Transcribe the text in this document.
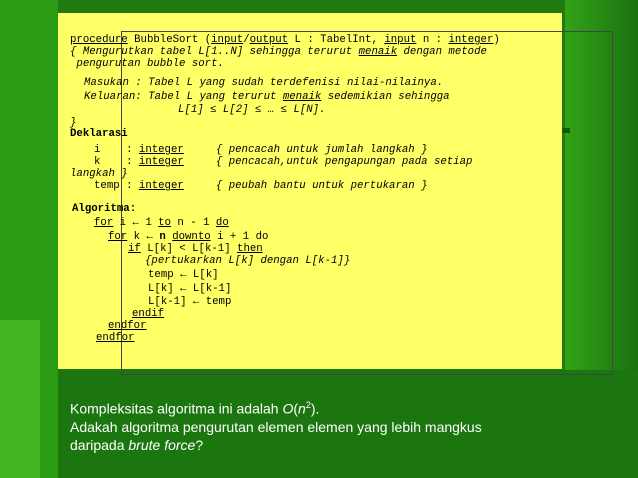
procedure BubbleSort (input/output L : TabelInt, input n : integer)
{ Mengurutkan tabel L[1..N] sehingga terurut menaik dengan metode
pengurutan bubble sort.
Masukan : Tabel L yang sudah terdefenisi nilai-nilainya.
Keluaran: Tabel L yang terurut menaik sedemikian sehingga
L[1] ≤ L[2] ≤ … ≤ L[N].
}
Deklarasi
i    : integer     { pencacah untuk jumlah langkah }
k    : integer     { pencacah,untuk pengapungan pada setiap
langkah }
temp : integer     { peubah bantu untuk pertukaran }
Algoritma:
for i ← 1 to n - 1 do
for k ← n downto i + 1 do
if L[k] < L[k-1] then
{pertukarkan L[k] dengan L[k-1]}
temp ← L[k]
L[k] ← L[k-1]
L[k-1] ← temp
endif
endfor
endfor
Kompleksitas algoritma ini adalah $O(n^2)$.
Adakah algoritma pengurutan elemen elemen yang lebih mangkus
daripada brute force?
